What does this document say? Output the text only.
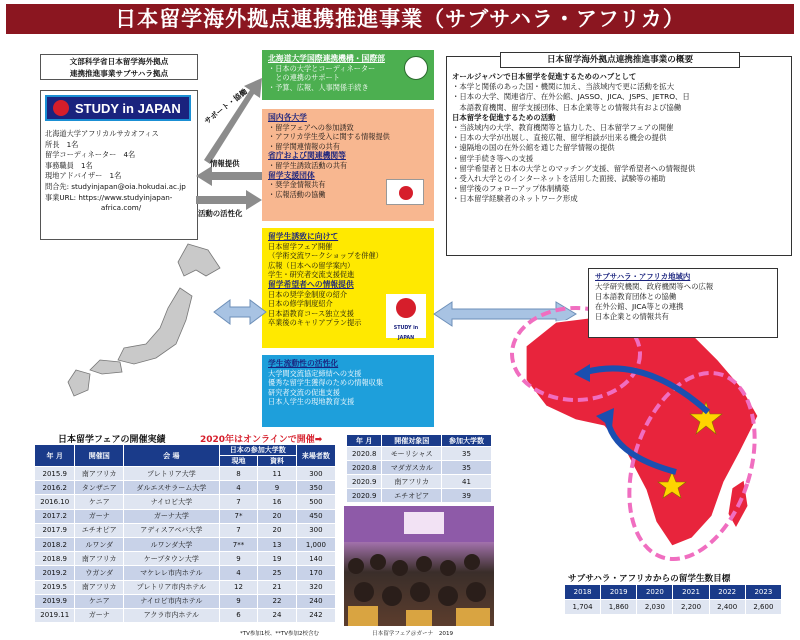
日本留学海外拠点連携推進事業（サブサハラ・アフリカ）
文部科学省日本留学海外拠点
連携推進事業サブサハラ拠点
STUDY in JAPAN
北海道大学アフリカルサカオフィス
所長　1名
留学コーディネーター　4名
事務職員　1名
現地アドバイザー　1名
問合先: studyinjapan@oia.hokudai.ac.jp
事業URL: https://www.studyinjapan-
africa.com/
サポート・協働
情報提供
活動の活性化
北海道大学国際連携機構・国際部
・日本の大学とコーディネーター
　との連携のサポート
・予算、広報、人事関係手続き
国内各大学
・留学フェアへの参加誘致
・アフリカ学生受入に関する情報提供
・留学関連情報の共有
省庁および関連機関等
・留学生誘致活動の共有
留学支援団体
・奨学金情報共有
・広報活動の協働
留学生誘致に向けて
日本留学フェア開催
（学術交流ワークショップを併催）
広報（日本への留学案内）
学生・研究者交流支援促進
留学希望者への情報提供
日本の奨学金制度の紹介
日本の修学制度紹介
日本語教育コース独立支援
卒業後のキャリアプラン提示
STUDY in JAPAN
学生流動性の活性化
大学間交流協定締結への支援
優秀な留学生獲得のための情報収集
研究者交流の促進支援
日本人学生の現地教育支援
日本留学海外拠点連携推進事業の概要
オールジャパンで日本留学を促進するためのハブとして
・本学と関係のあった国・機関に加え、当該域内で更に活動を拡大
・日本の大学、関連省庁、在外公館、JASSO、JICA、JSPS、JETRO、日
　本語教育機関、留学支援団体、日本企業等との情報共有および協働
日本留学を促進するための活動
・当該域内の大学、教育機関等と協力した、日本留学フェアの開催
・日本の大学が出展し、直接広報、留学相談が出来る機会の提供
・遠隔地の国の在外公館を通じた留学情報の提供
・留学手続き等への支援
・留学希望者と日本の大学とのマッチング支援、留学希望者への情報提供
・受入れ大学とのインターネットを活用した面接、試験等の補助
・留学後のフォローアップ体制構築
・日本留学経験者のネットワーク形成
サブサハラ・アフリカ地域内
大学研究機関、政府機関等への広報
日本語教育団体との協働
在外公館、JICA等との連携
日本企業との情報共有
日本留学フェアの開催実績	2020年はオンラインで開催➡
年 月	開催国	会 場	日本の参加大学数		来場者数
			現地	資料	
2015.9	南アフリカ	プレトリア大学	8	11	300
2016.2	タンザニア	ダルエスサラーム大学	4	9	350
2016.10	ケニア	ナイロビ大学	7	16	500
2017.2	ガーナ	ガーナ大学	7*	20	450
2017.9	エチオピア	アディスアベバ大学	7	20	300
2018.2	ルワンダ	ルワンダ大学	7**	13	1,000
2018.9	南アフリカ	ケープタウン大学	9	19	140
2019.2	ウガンダ	マケレレ市内ホテル	4	25	170
2019.5	南アフリカ	プレトリア市内ホテル	12	21	320
2019.9	ケニア	ナイロビ市内ホテル	9	22	240
2019.11	ガーナ	アクラ市内ホテル	6	24	242
*TV参加1校、**TV参加2校含む
年 月	開催対象国	参加大学数
2020.8	モーリシャス	35
2020.8	マダガスカル	35
2020.9	南アフリカ	41
2020.9	エチオピア	39
日本留学フェア＠ガーナ　2019
サブサハラ・アフリカからの留学生数目標
2018	2019	2020	2021	2022	2023
1,704	1,860	2,030	2,200	2,400	2,600
